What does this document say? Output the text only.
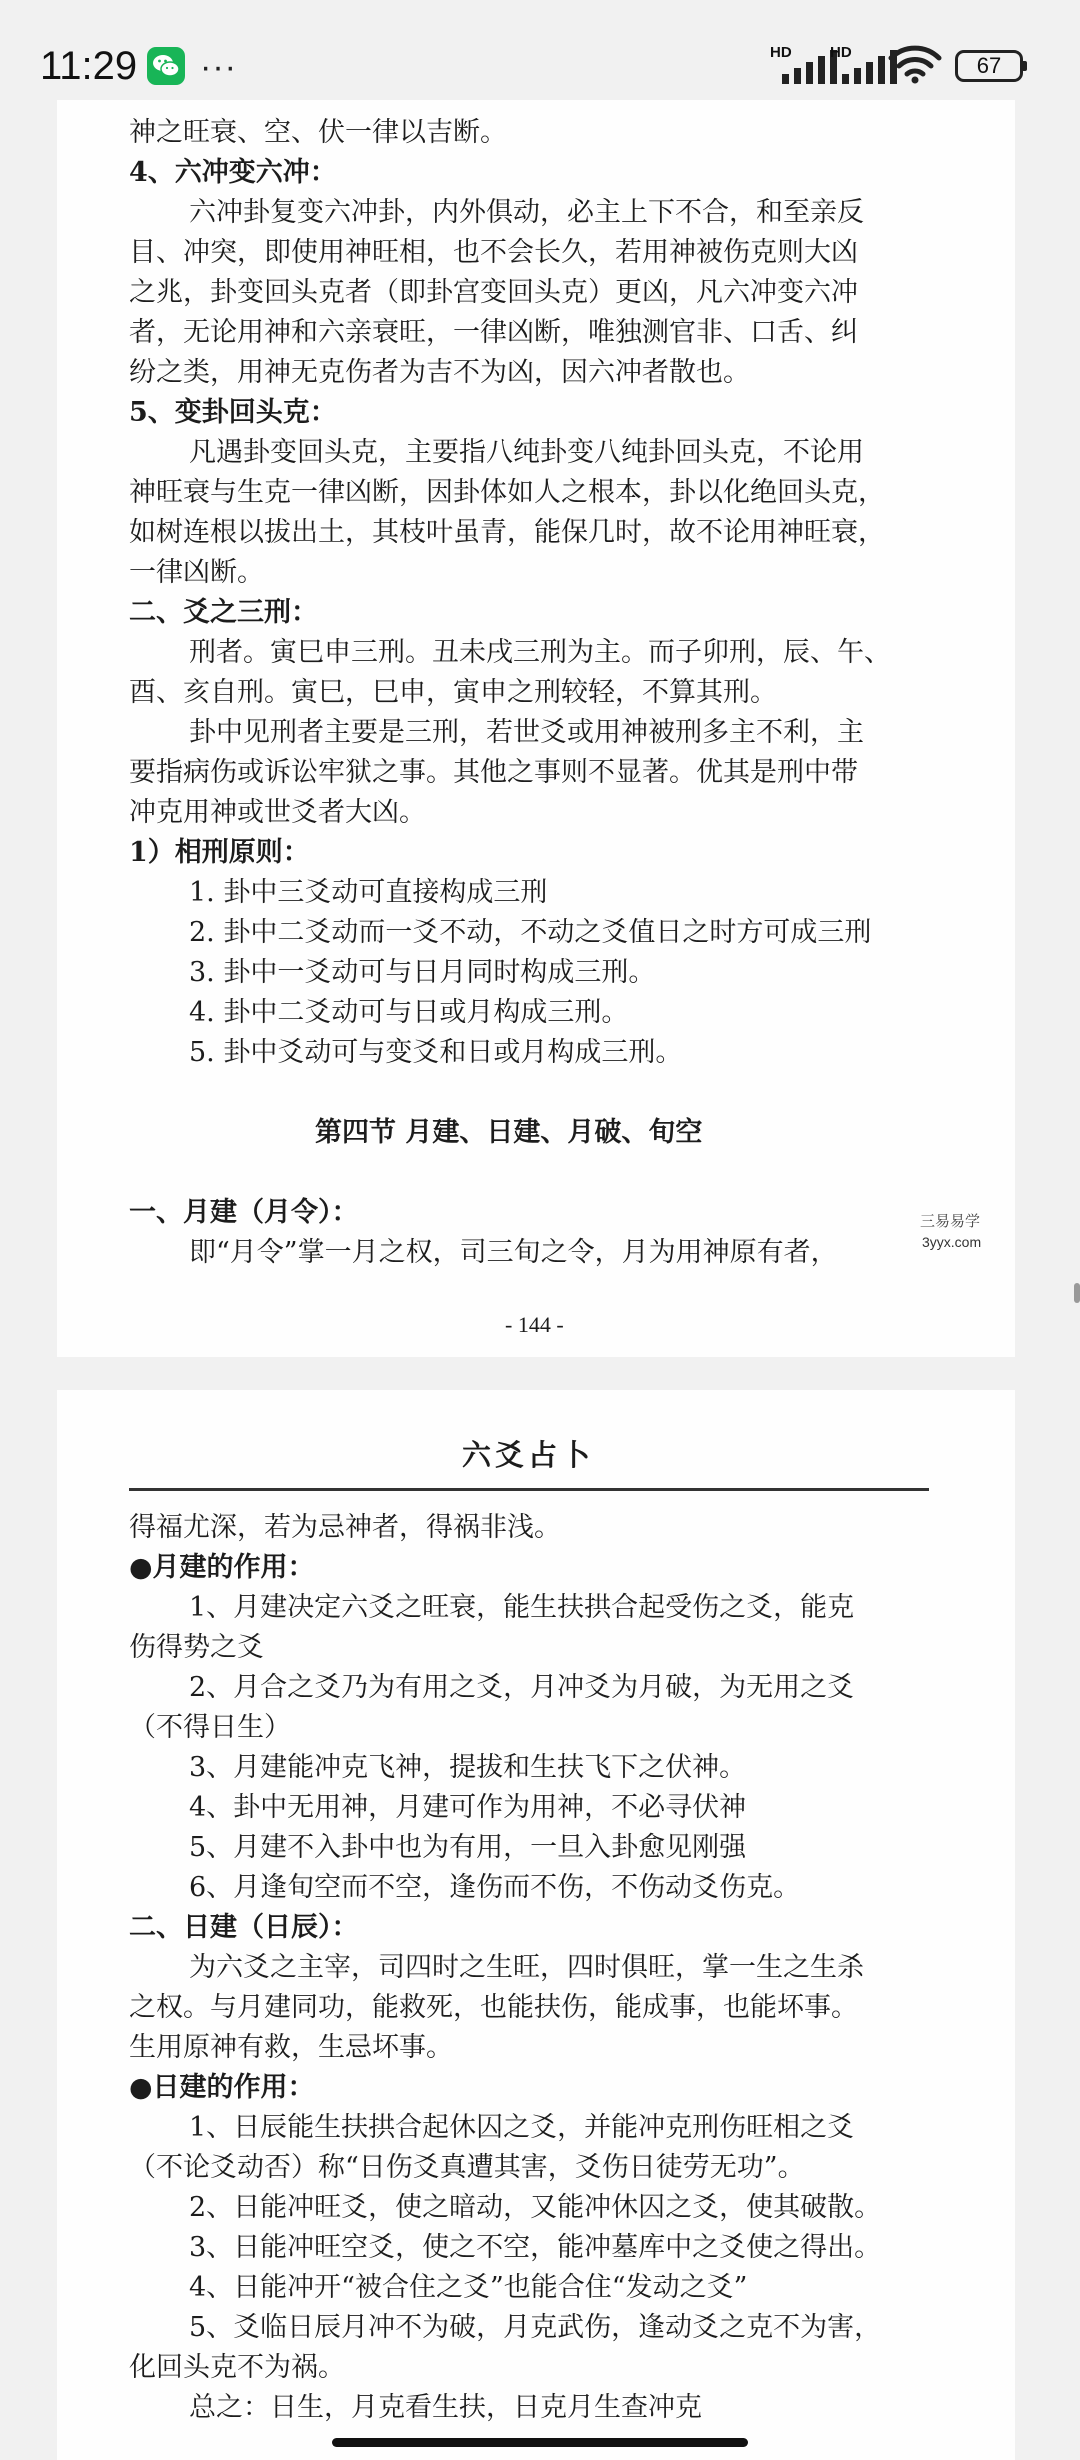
11:29 ···	HD	HD
67
神之旺衰、空、伏一律以吉断。
4、六冲变六冲：
六冲卦复变六冲卦，内外俱动，必主上下不合，和至亲反
目、冲突，即使用神旺相，也不会长久，若用神被伤克则大凶
之兆，卦变回头克者（即卦宫变回头克）更凶，凡六冲变六冲
者，无论用神和六亲衰旺，一律凶断，唯独测官非、口舌、纠
纷之类，用神无克伤者为吉不为凶，因六冲者散也。
5、变卦回头克：
凡遇卦变回头克，主要指八纯卦变八纯卦回头克，不论用
神旺衰与生克一律凶断，因卦体如人之根本，卦以化绝回头克，
如树连根以拔出土，其枝叶虽青，能保几时，故不论用神旺衰，
一律凶断。
二、爻之三刑：
刑者。寅巳申三刑。丑未戌三刑为主。而子卯刑，辰、午、
酉、亥自刑。寅巳，巳申，寅申之刑较轻，不算其刑。
卦中见刑者主要是三刑，若世爻或用神被刑多主不利，主
要指病伤或诉讼牢狱之事。其他之事则不显著。优其是刑中带
冲克用神或世爻者大凶。
1）相刑原则：
1. 卦中三爻动可直接构成三刑
2. 卦中二爻动而一爻不动，不动之爻值日之时方可成三刑
3. 卦中一爻动可与日月同时构成三刑。
4. 卦中二爻动可与日或月构成三刑。
5. 卦中爻动可与变爻和日或月构成三刑。
第四节 月建、日建、月破、旬空
一、月建（月令）：
即“月令”掌一月之权，司三旬之令，月为用神原有者，
- 144 -
三易易学
3yyx.com
六爻占卜
得福尤深，若为忌神者，得祸非浅。
●月建的作用：
1、月建决定六爻之旺衰，能生扶拱合起受伤之爻，能克
伤得势之爻
2、月合之爻乃为有用之爻，月冲爻为月破，为无用之爻
（不得日生）
3、月建能冲克飞神，提拔和生扶飞下之伏神。
4、卦中无用神，月建可作为用神，不必寻伏神
5、月建不入卦中也为有用，一旦入卦愈见刚强
6、月逢旬空而不空，逢伤而不伤，不伤动爻伤克。
二、日建（日辰）：
为六爻之主宰，司四时之生旺，四时俱旺，掌一生之生杀
之权。与月建同功，能救死，也能扶伤，能成事，也能坏事。
生用原神有救，生忌坏事。
●日建的作用：
1、日辰能生扶拱合起休囚之爻，并能冲克刑伤旺相之爻
（不论爻动否）称“日伤爻真遭其害，爻伤日徒劳无功”。
2、日能冲旺爻，使之暗动，又能冲休囚之爻，使其破散。
3、日能冲旺空爻，使之不空，能冲墓库中之爻使之得出。
4、日能冲开“被合住之爻”也能合住“发动之爻”
5、爻临日辰月冲不为破，月克武伤，逢动爻之克不为害，
化回头克不为祸。
总之：日生，月克看生扶，日克月生查冲克
